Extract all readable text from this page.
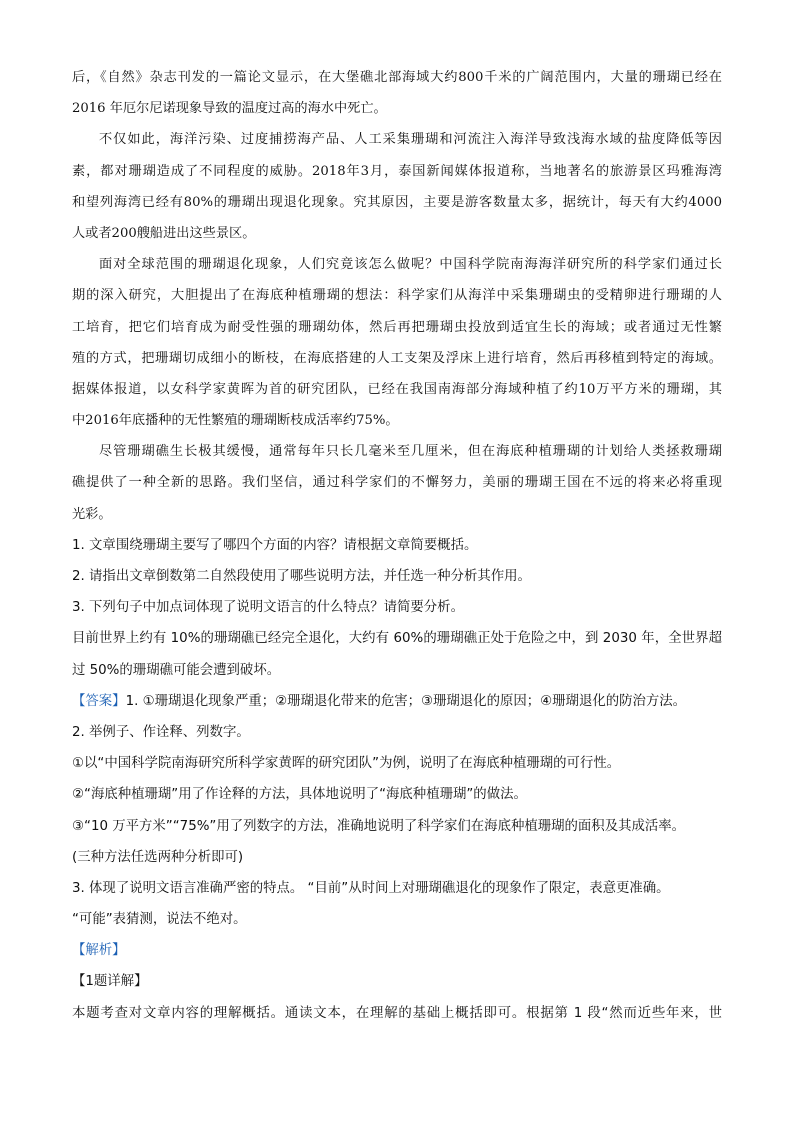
后，《自然》杂志刊发的一篇论文显示，在大堡礁北部海域大约800千米的广阔范围内，大量的珊瑚已经在
2016 年厄尔尼诺现象导致的温度过高的海水中死亡。
不仅如此，海洋污染、过度捕捞海产品、人工采集珊瑚和河流注入海洋导致浅海水域的盐度降低等因
素，都对珊瑚造成了不同程度的威胁。2018年3月，泰国新闻媒体报道称，当地著名的旅游景区玛雅海湾
和望列海湾已经有80%的珊瑚出现退化现象。究其原因，主要是游客数量太多，据统计，每天有大约4000
人或者200艘船进出这些景区。
面对全球范围的珊瑚退化现象，人们究竟该怎么做呢？中国科学院南海海洋研究所的科学家们通过长
期的深入研究，大胆提出了在海底种植珊瑚的想法：科学家们从海洋中采集珊瑚虫的受精卵进行珊瑚的人
工培育，把它们培育成为耐受性强的珊瑚幼体，然后再把珊瑚虫投放到适宜生长的海域；或者通过无性繁
殖的方式，把珊瑚切成细小的断枝，在海底搭建的人工支架及浮床上进行培育，然后再移植到特定的海域。
据媒体报道，以女科学家黄晖为首的研究团队，已经在我国南海部分海域种植了约10万平方米的珊瑚，其
中2016年底播种的无性繁殖的珊瑚断枝成活率约75%。
尽管珊瑚礁生长极其缓慢，通常每年只长几毫米至几厘米，但在海底种植珊瑚的计划给人类拯救珊瑚
礁提供了一种全新的思路。我们坚信，通过科学家们的不懈努力，美丽的珊瑚王国在不远的将来必将重现
光彩。
1. 文章围绕珊瑚主要写了哪四个方面的内容？请根据文章简要概括。
2. 请指出文章倒数第二自然段使用了哪些说明方法，并任选一种分析其作用。
3. 下列句子中加点词体现了说明文语言的什么特点？请简要分析。
目前世界上约有 10%的珊瑚礁已经完全退化，大约有 60%的珊瑚礁正处于危险之中，到 2030 年，全世界超
过 50%的珊瑚礁可能会遭到破坏。
【答案】1. ①珊瑚退化现象严重；②珊瑚退化带来的危害；③珊瑚退化的原因；④珊瑚退化的防治方法。
2. 举例子、作诠释、列数字。
①以“中国科学院南海研究所科学家黄晖的研究团队”为例，说明了在海底种植珊瑚的可行性。
②“海底种植珊瑚”用了作诠释的方法，具体地说明了“海底种植珊瑚”的做法。
③“10 万平方米”“75%”用了列数字的方法，准确地说明了科学家们在海底种植珊瑚的面积及其成活率。
(三种方法任选两种分析即可)
3. 体现了说明文语言准确严密的特点。 “目前”从时间上对珊瑚礁退化的现象作了限定，表意更准确。
“可能”表猜测，说法不绝对。
【解析】
【1题详解】
本题考查对文章内容的理解概括。通读文本，在理解的基础上概括即可。根据第 1 段“然而近些年来，世
